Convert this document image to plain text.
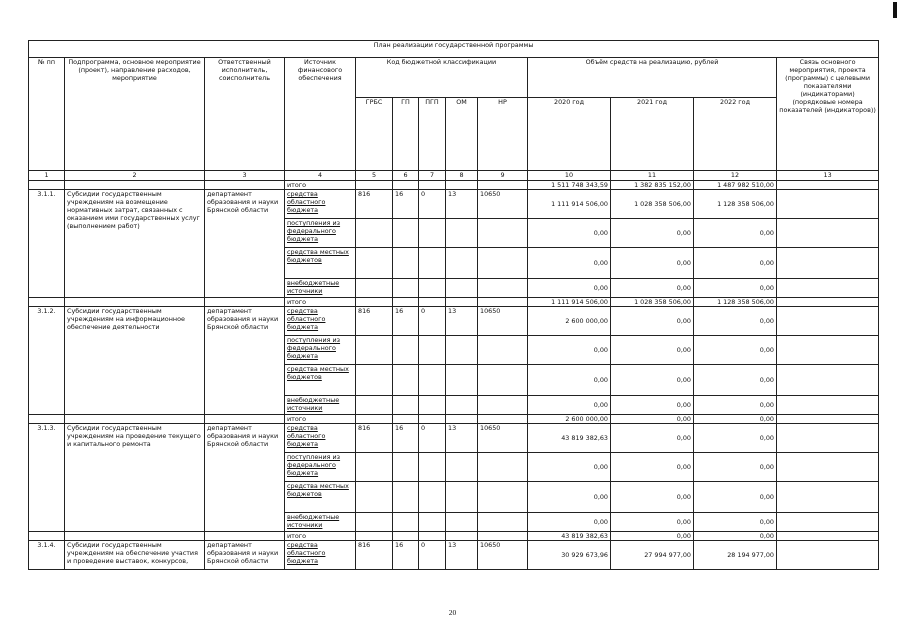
План реализации государственной программы												
№ пп	Подпрограмма, основное мероприятие (проект), направление расходов, мероприятие	Ответственный исполнитель, соисполнитель	Источник финансового обеспечения	Код бюджетной классификации					Объём средств на реализацию, рублей			Связь основного мероприятия, проекта (программы) с целевыми показателями (индикаторами) (порядковые номера показателей (индикаторов))
				ГРБС	ГП	ПГП	ОМ	НР	2020 год	2021 год	2022 год	
1	2	3	4	5	6	7	8	9	10	11	12	13
			итого						1 511 748 343,59	1 382 835 152,00	1 487 982 510,00	
3.1.1.	Субсидии государственным учреждениям на возмещение нормативных затрат, связанных с оказанием ими государственных услуг (выполнением работ)	департамент образования и науки Брянской области	средства областного бюджета	816	16	0	13	10650	1 111 914 506,00	1 028 358 506,00	1 128 358 506,00	
			поступления из федерального бюджета						0,00	0,00	0,00	
			средства местных бюджетов						0,00	0,00	0,00	
			внебюджетные источники						0,00	0,00	0,00	
			итого						1 111 914 506,00	1 028 358 506,00	1 128 358 506,00	
3.1.2.	Субсидии государственным учреждениям на информационное обеспечение деятельности	департамент образования и науки Брянской области	средства областного бюджета	816	16	0	13	10650	2 600 000,00	0,00	0,00	
			поступления из федерального бюджета						0,00	0,00	0,00	
			средства местных бюджетов						0,00	0,00	0,00	
			внебюджетные источники						0,00	0,00	0,00	
			итого						2 600 000,00	0,00	0,00	
3.1.3.	Субсидии государственным учреждениям на проведение текущего и капитального ремонта	департамент образования и науки Брянской области	средства областного бюджета	816	16	0	13	10650	43 819 382,63	0,00	0,00	
			поступления из федерального бюджета						0,00	0,00	0,00	
			средства местных бюджетов						0,00	0,00	0,00	
			внебюджетные источники						0,00	0,00	0,00	
			итого						43 819 382,63	0,00	0,00	
3.1.4.	Субсидии государственным учреждениям на обеспечение участия и проведение выставок, конкурсов,	департамент образования и науки Брянской области	средства областного бюджета	816	16	0	13	10650	30 929 673,96	27 994 977,00	28 194 977,00	
20
